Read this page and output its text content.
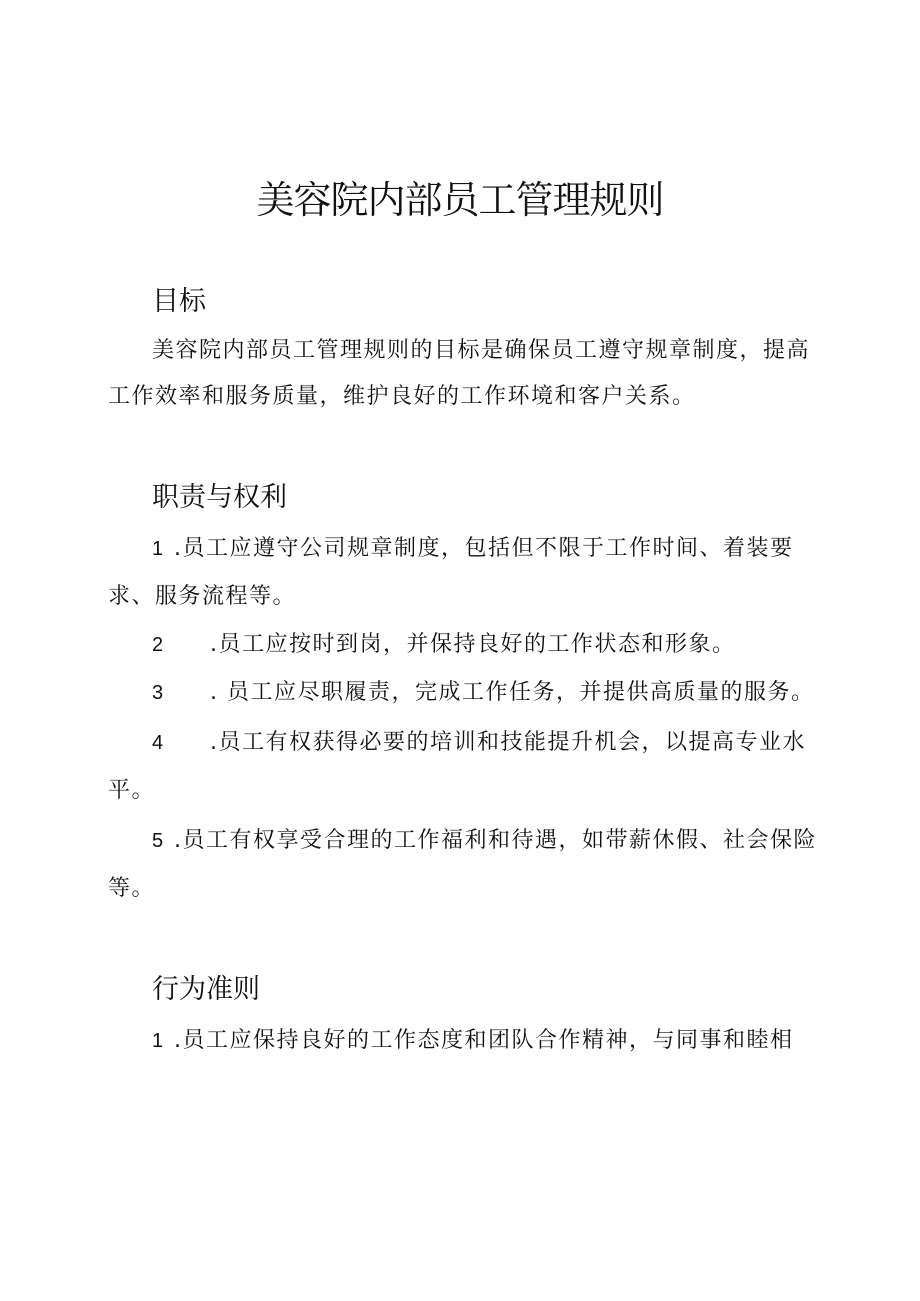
美容院内部员工管理规则
目标

美容院内部员工管理规则的目标是确保员工遵守规章制度，提高

工作效率和服务质量，维护良好的工作环境和客户关系。

职责与权利

1 .员工应遵守公司规章制度，包括但不限于工作时间、着装要

求、服务流程等。

2 .员工应按时到岗，并保持良好的工作状态和形象。

3 . 员工应尽职履责，完成工作任务，并提供高质量的服务。

4 .员工有权获得必要的培训和技能提升机会，以提高专业水

平。

5 .员工有权享受合理的工作福利和待遇，如带薪休假、社会保险

等。

行为准则

1 .员工应保持良好的工作态度和团队合作精神，与同事和睦相
